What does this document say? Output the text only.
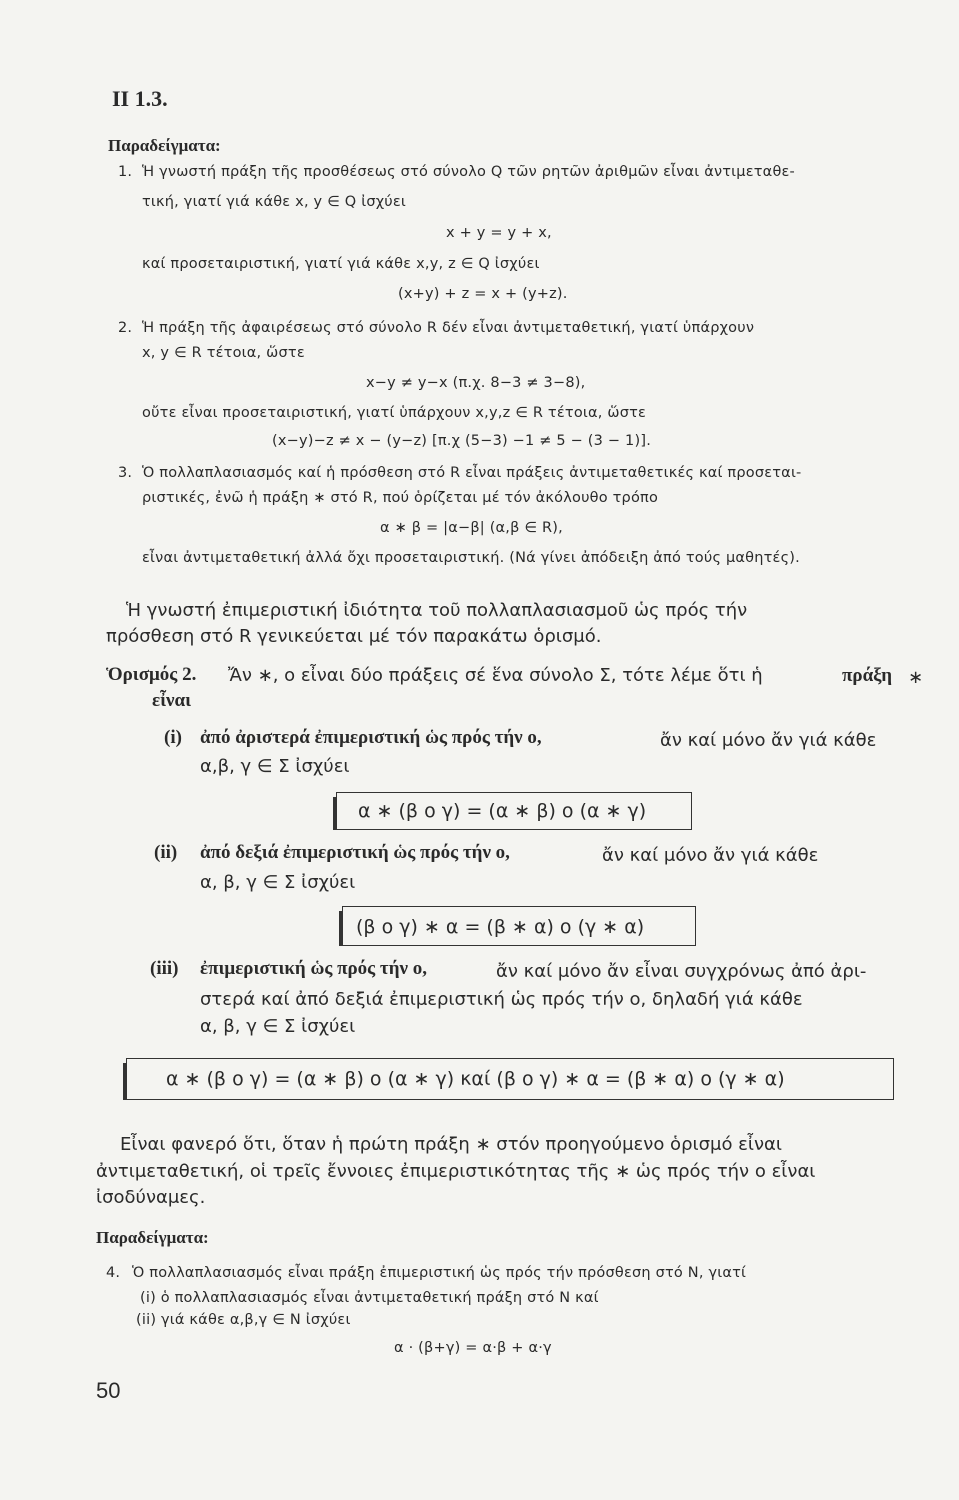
ΙΙ 1.3.
Παραδείγματα:
1. Ἡ γνωστή πράξη τῆς προσθέσεως στό σύνολο Q τῶν ρητῶν ἀριθμῶν εἶναι ἀντιμεταθε-
τική, γιατί γιά κάθε x, y ∈ Q ἰσχύει
x + y = y + x,
καί προσεταιριστική, γιατί γιά κάθε x,y, z ∈ Q ἰσχύει
(x+y) + z = x + (y+z).
2. Ἡ πράξη τῆς ἀφαιρέσεως στό σύνολο R δέν εἶναι ἀντιμεταθετική, γιατί ὑπάρχουν
x, y ∈ R τέτοια, ὥστε
x−y ≠ y−x (π.χ. 8−3 ≠ 3−8),
οὔτε εἶναι προσεταιριστική, γιατί ὑπάρχουν x,y,z ∈ R τέτοια, ὥστε
(x−y)−z ≠ x − (y−z) [π.χ (5−3) −1 ≠ 5 − (3 − 1)].
3. Ὁ πολλαπλασιασμός καί ἡ πρόσθεση στό R εἶναι πράξεις ἀντιμεταθετικές καί προσεται-
ριστικές, ἐνῶ ἡ πράξη ∗ στό R, πού ὁρίζεται μέ τόν ἀκόλουθο τρόπο
α ∗ β = |α−β| (α,β ∈ R),
εἶναι ἀντιμεταθετική ἀλλά ὄχι προσεταιριστική. (Νά γίνει ἀπόδειξη ἀπό τούς μαθητές).
Ἡ γνωστή ἐπιμεριστική ἰδιότητα τοῦ πολλαπλασιασμοῦ ὡς πρός τήν
πρόσθεση στό R γενικεύεται μέ τόν παρακάτω ὁρισμό.
Ὁρισμός 2. Ἄν ∗, ο εἶναι δύο πράξεις σέ ἕνα σύνολο Σ, τότε λέμε ὅτι ἡ	πράξη ∗
εἶναι
(i) ἀπό ἀριστερά ἐπιμεριστική ὡς πρός τήν ο,	ἄν καί μόνο ἄν γιά κάθε
α,β, γ ∈ Σ ἰσχύει
α ∗ (β ο γ) = (α ∗ β) ο (α ∗ γ)
(ii) ἀπό δεξιά ἐπιμεριστική ὡς πρός τήν ο,	ἄν καί μόνο ἄν γιά κάθε
α, β, γ ∈ Σ ἰσχύει
(β ο γ) ∗ α = (β ∗ α) ο (γ ∗ α)
(iii) ἐπιμεριστική ὡς πρός τήν ο,	ἄν καί μόνο ἄν εἶναι συγχρόνως ἀπό ἀρι-
στερά καί ἀπό δεξιά ἐπιμεριστική ὡς πρός τήν ο, δηλαδή γιά κάθε
α, β, γ ∈ Σ ἰσχύει
α ∗ (β ο γ) = (α ∗ β) ο (α ∗ γ) καί (β ο γ) ∗ α = (β ∗ α) ο (γ ∗ α)
Εἶναι φανερό ὅτι, ὅταν ἡ πρώτη πράξη ∗ στόν προηγούμενο ὁρισμό εἶναι
ἀντιμεταθετική, οἱ τρεῖς ἔννοιες ἐπιμεριστικότητας τῆς ∗ ὡς πρός τήν ο εἶναι
ἰσοδύναμες.
Παραδείγματα:
4. Ὁ πολλαπλασιασμός εἶναι πράξη ἐπιμεριστική ὡς πρός τήν πρόσθεση στό N, γιατί
(i) ὁ πολλαπλασιασμός εἶναι ἀντιμεταθετική πράξη στό N καί
(ii) γιά κάθε α,β,γ ∈ N ἰσχύει
α · (β+γ) = α·β + α·γ
50
